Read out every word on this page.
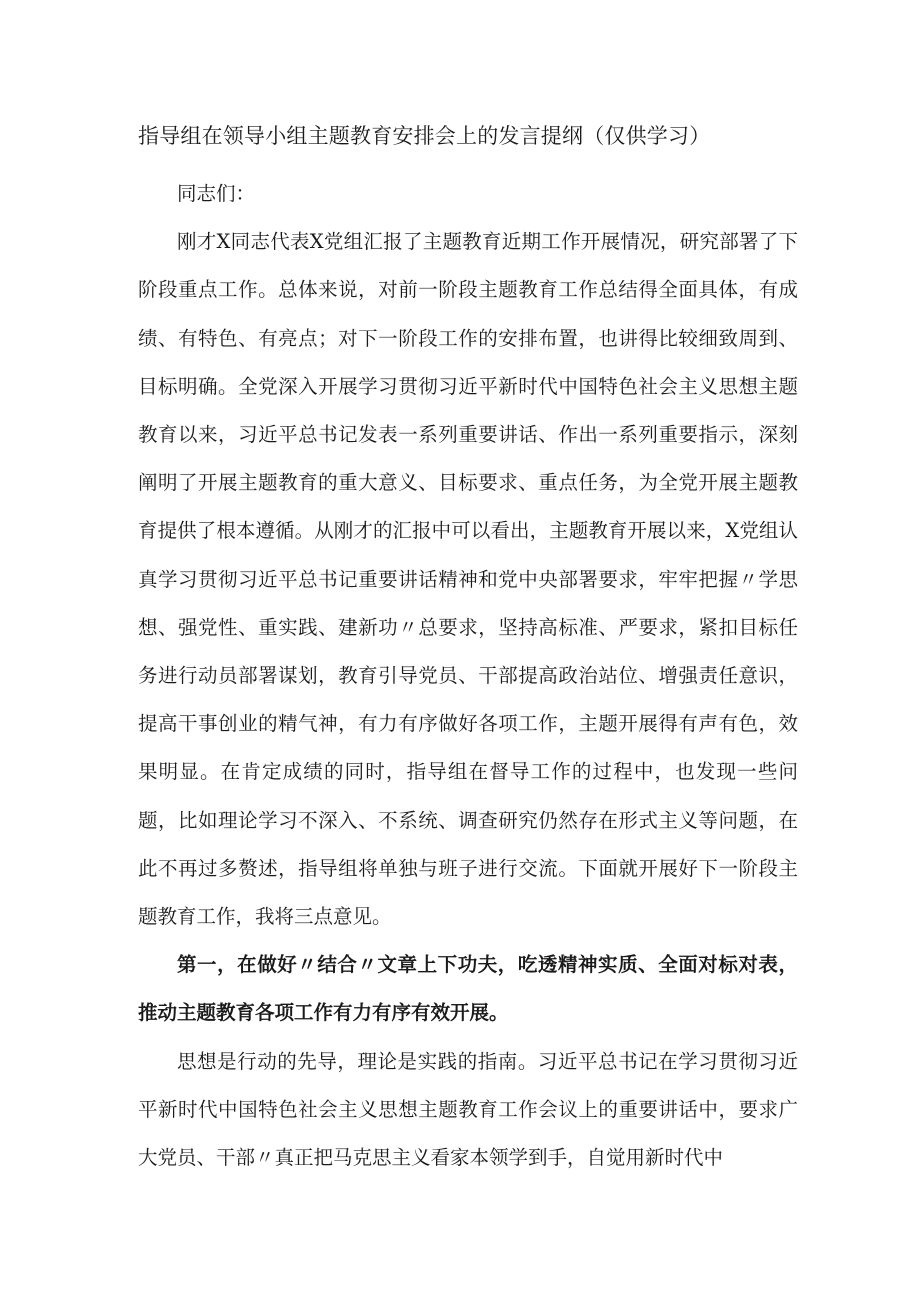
指导组在领导小组主题教育安排会上的发言提纲（仅供学习）

同志们：

刚才X同志代表X党组汇报了主题教育近期工作开展情况，研究部署了下阶段重点工作。总体来说，对前一阶段主题教育工作总结得全面具体，有成绩、有特色、有亮点；对下一阶段工作的安排布置，也讲得比较细致周到、目标明确。全党深入开展学习贯彻习近平新时代中国特色社会主义思想主题教育以来，习近平总书记发表一系列重要讲话、作出一系列重要指示，深刻阐明了开展主题教育的重大意义、目标要求、重点任务，为全党开展主题教育提供了根本遵循。从刚才的汇报中可以看出，主题教育开展以来，X党组认真学习贯彻习近平总书记重要讲话精神和党中央部署要求，牢牢把握〃学思想、强党性、重实践、建新功〃总要求，坚持高标准、严要求，紧扣目标任务进行动员部署谋划，教育引导党员、干部提高政治站位、增强责任意识，提高干事创业的精气神，有力有序做好各项工作，主题开展得有声有色，效果明显。在肯定成绩的同时，指导组在督导工作的过程中，也发现一些问题，比如理论学习不深入、不系统、调查研究仍然存在形式主义等问题，在此不再过多赘述，指导组将单独与班子进行交流。下面就开展好下一阶段主题教育工作，我将三点意见。

第一，在做好〃结合〃文章上下功夫，吃透精神实质、全面对标对表，推动主题教育各项工作有力有序有效开展。

思想是行动的先导，理论是实践的指南。习近平总书记在学习贯彻习近平新时代中国特色社会主义思想主题教育工作会议上的重要讲话中，要求广大党员、干部〃真正把马克思主义看家本领学到手，自觉用新时代中
